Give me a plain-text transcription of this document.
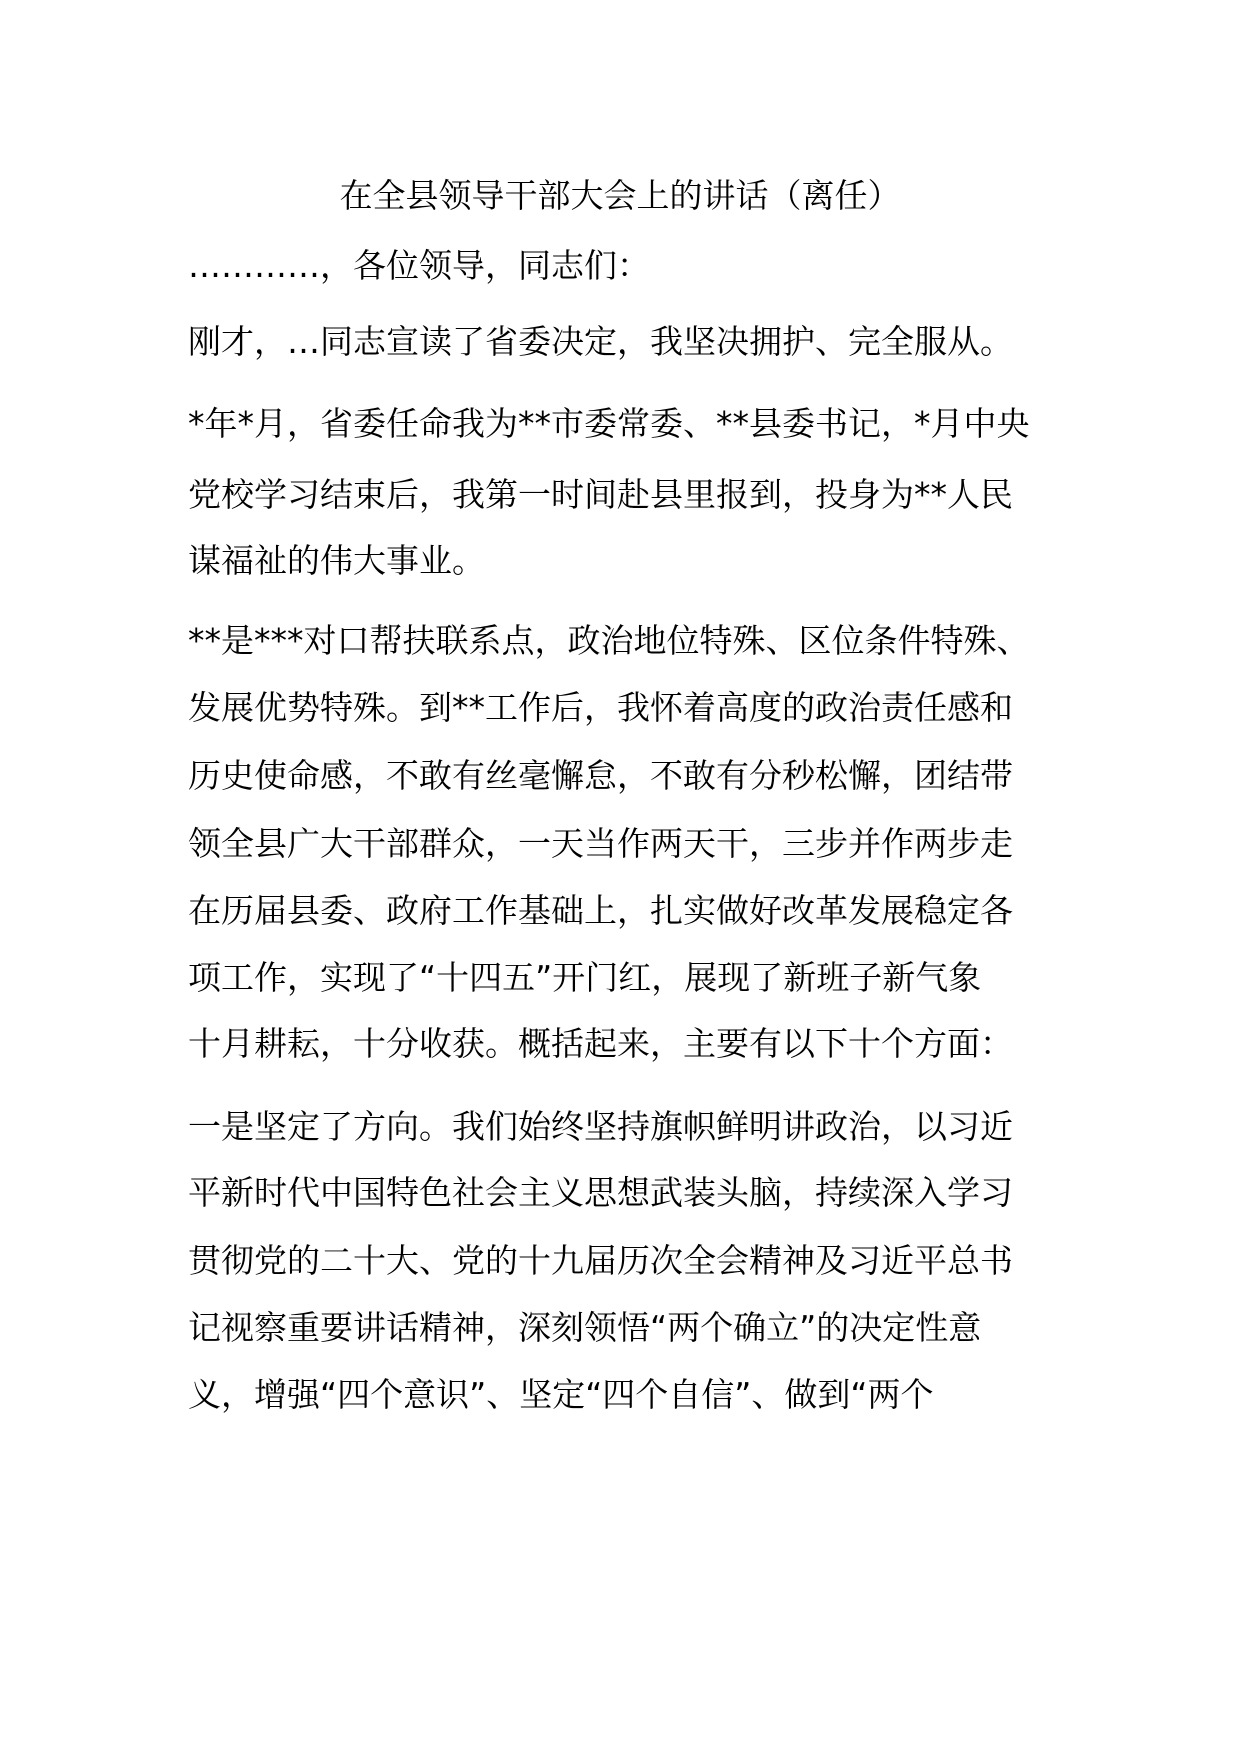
在全县领导干部大会上的讲话（离任）
…………，各位领导，同志们：
刚才，…同志宣读了省委决定，我坚决拥护、完全服从。
*年*月，省委任命我为**市委常委、**县委书记，*月中央
党校学习结束后，我第一时间赴县里报到，投身为**人民
谋福祉的伟大事业。
**是***对口帮扶联系点，政治地位特殊、区位条件特殊、
发展优势特殊。到**工作后，我怀着高度的政治责任感和
历史使命感，不敢有丝毫懈怠，不敢有分秒松懈，团结带
领全县广大干部群众，一天当作两天干，三步并作两步走
在历届县委、政府工作基础上，扎实做好改革发展稳定各
项工作，实现了“十四五”开门红，展现了新班子新气象
十月耕耘，十分收获。概括起来，主要有以下十个方面：
一是坚定了方向。我们始终坚持旗帜鲜明讲政治，以习近
平新时代中国特色社会主义思想武装头脑，持续深入学习
贯彻党的二十大、党的十九届历次全会精神及习近平总书
记视察重要讲话精神，深刻领悟“两个确立”的决定性意
义，增强“四个意识”、坚定“四个自信”、做到“两个
